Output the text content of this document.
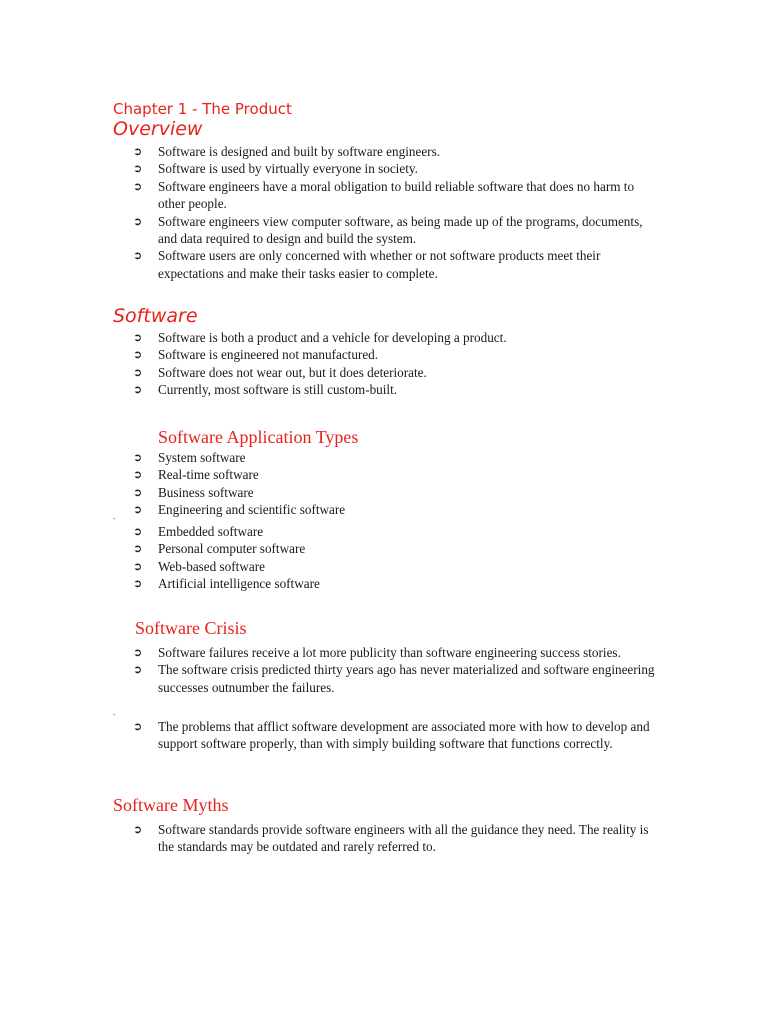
Chapter 1 - The Product
Overview
➲ Software is designed and built by software engineers.
➲ Software is used by virtually everyone in society.
➲ Software engineers have a moral obligation to build reliable software that does no harm to other people.
➲ Software engineers view computer software, as being made up of the programs, documents, and data required to design and build the system.
➲ Software users are only concerned with whether or not software products meet their expectations and make their tasks easier to complete.
Software
➲ Software is both a product and a vehicle for developing a product.
➲ Software is engineered not manufactured.
➲ Software does not wear out, but it does deteriorate.
➲ Currently, most software is still custom-built.
Software Application Types
➲ System software
➲ Real-time software
➲ Business software
➲ Engineering and scientific software
-
➲ Embedded software
➲ Personal computer software
➲ Web-based software
➲ Artificial intelligence software
Software Crisis
➲ Software failures receive a lot more publicity than software engineering success stories.
➲ The software crisis predicted thirty years ago has never materialized and software engineering successes outnumber the failures.
-
➲ The problems that afflict software development are associated more with how to develop and support software properly, than with simply building software that functions correctly.
Software Myths
➲ Software standards provide software engineers with all the guidance they need. The reality is the standards may be outdated and rarely referred to.
